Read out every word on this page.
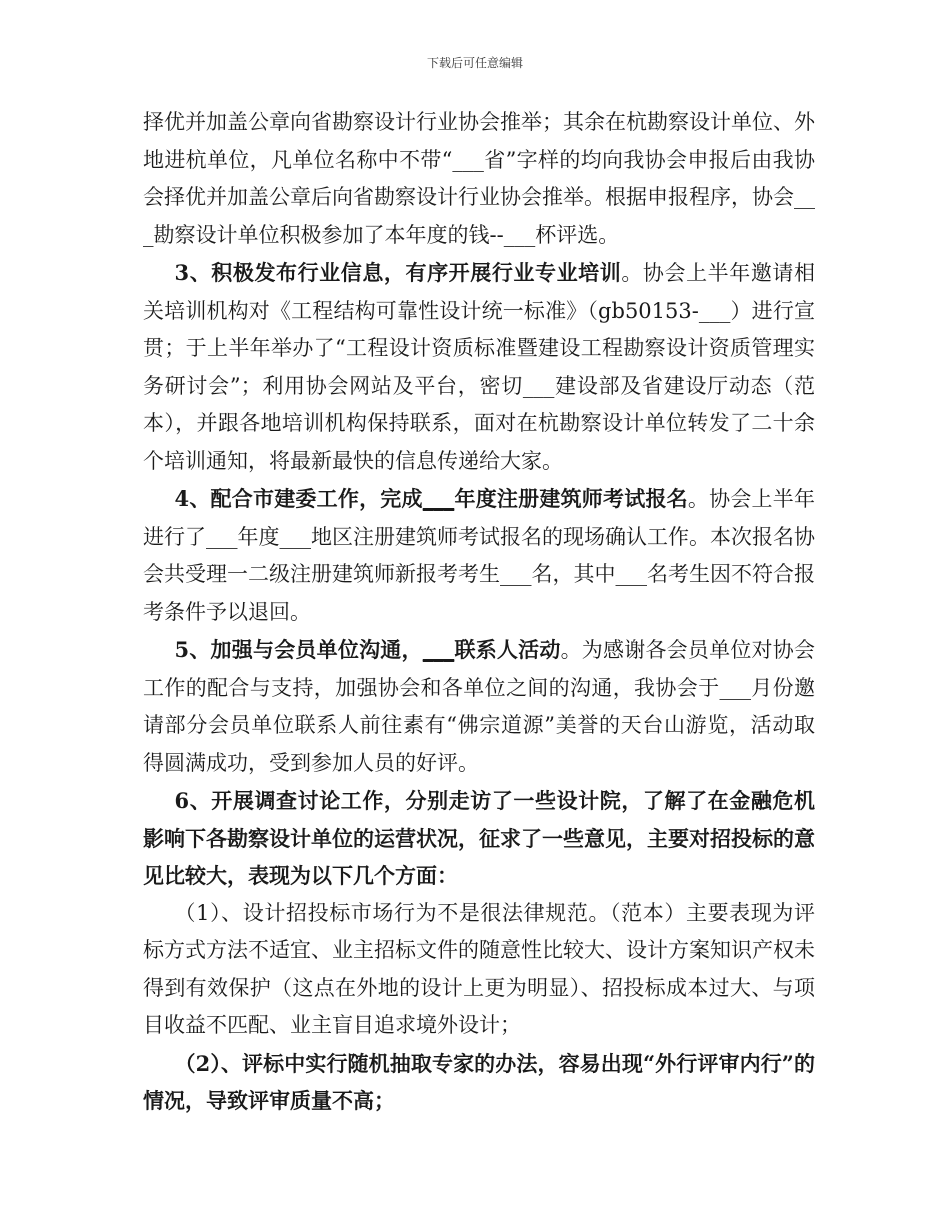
下载后可任意编辑

择优并加盖公章向省勘察设计行业协会推举；其余在杭勘察设计单位、外地进杭单位，凡单位名称中不带“___省”字样的均向我协会申报后由我协会择优并加盖公章后向省勘察设计行业协会推举。根据申报程序，协会___勘察设计单位积极参加了本年度的钱--___杯评选。

3、积极发布行业信息，有序开展行业专业培训。协会上半年邀请相关培训机构对《工程结构可靠性设计统一标准》（gb50153-___）进行宣贯；于上半年举办了“工程设计资质标准暨建设工程勘察设计资质管理实务研讨会”；利用协会网站及平台，密切___建设部及省建设厅动态（范本），并跟各地培训机构保持联系，面对在杭勘察设计单位转发了二十余个培训通知，将最新最快的信息传递给大家。

4、配合市建委工作，完成___年度注册建筑师考试报名。协会上半年进行了___年度___地区注册建筑师考试报名的现场确认工作。本次报名协会共受理一二级注册建筑师新报考考生___名，其中___名考生因不符合报考条件予以退回。

5、加强与会员单位沟通，___联系人活动。为感谢各会员单位对协会工作的配合与支持，加强协会和各单位之间的沟通，我协会于___月份邀请部分会员单位联系人前往素有“佛宗道源”美誉的天台山游览，活动取得圆满成功，受到参加人员的好评。

6、开展调查讨论工作，分别走访了一些设计院，了解了在金融危机影响下各勘察设计单位的运营状况，征求了一些意见，主要对招投标的意见比较大，表现为以下几个方面：

（1）、设计招投标市场行为不是很法律规范。（范本）主要表现为评标方式方法不适宜、业主招标文件的随意性比较大、设计方案知识产权未得到有效保护（这点在外地的设计上更为明显）、招投标成本过大、与项目收益不匹配、业主盲目追求境外设计；

（2）、评标中实行随机抽取专家的办法，容易出现“外行评审内行”的情况，导致评审质量不高；
